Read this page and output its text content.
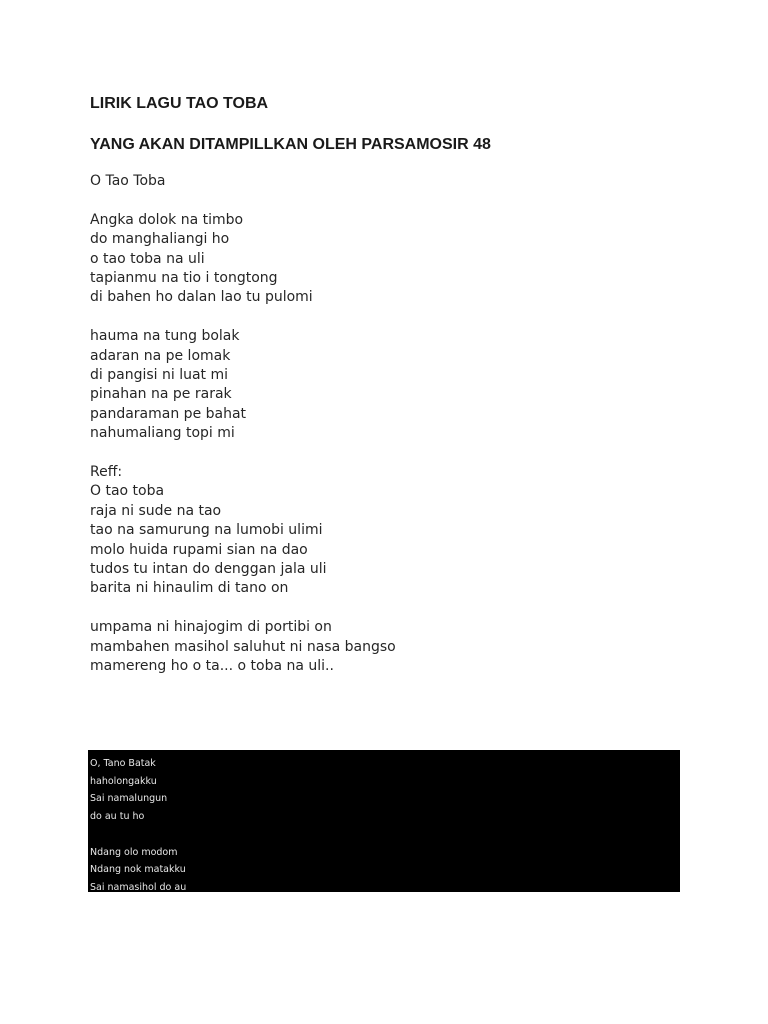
LIRIK LAGU TAO TOBA
YANG AKAN DITAMPILLKAN OLEH PARSAMOSIR 48
O Tao Toba
Angka dolok na timbo
do manghaliangi ho
o tao toba na uli
tapianmu na tio i tongtong
di bahen ho dalan lao tu pulomi
hauma na tung bolak
adaran na pe lomak
di pangisi ni luat mi
pinahan na pe rarak
pandaraman pe bahat
nahumaliang topi mi
Reff:
O tao toba
raja ni sude na tao
tao na samurung na lumobi ulimi
molo huida rupami sian na dao
tudos tu intan do denggan jala uli
barita ni hinaulim di tano on
umpama ni hinajogim di portibi on
mambahen masihol saluhut ni nasa bangso
mamereng ho o ta... o toba na uli..
O, Tano Batak
haholongakku
Sai namalungun
do au tu ho
Ndang olo modom
Ndang nok matakku
Sai namasihol do au
